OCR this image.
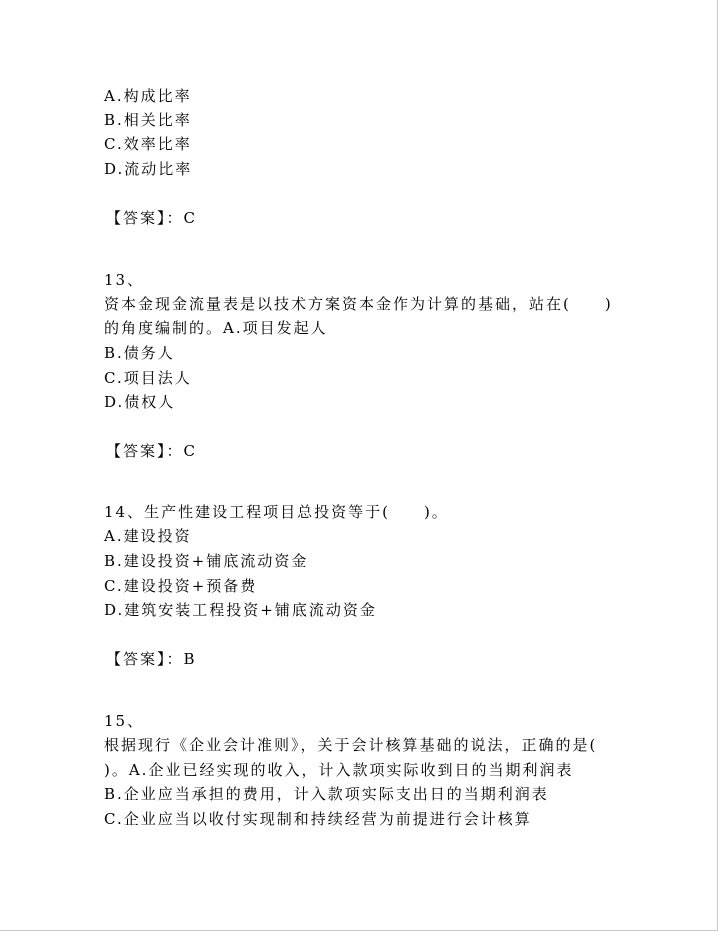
A.构成比率
B.相关比率
C.效率比率
D.流动比率
【答案】：C
13、
资本金现金流量表是以技术方案资本金作为计算的基础，站在(　　)
的角度编制的。A.项目发起人
B.债务人
C.项目法人
D.债权人
【答案】：C
14、生产性建设工程项目总投资等于(　　)。
A.建设投资
B.建设投资+铺底流动资金
C.建设投资+预备费
D.建筑安装工程投资+铺底流动资金
【答案】：B
15、
根据现行《企业会计准则》，关于会计核算基础的说法，正确的是(
)。A.企业已经实现的收入，计入款项实际收到日的当期利润表
B.企业应当承担的费用，计入款项实际支出日的当期利润表
C.企业应当以收付实现制和持续经营为前提进行会计核算
